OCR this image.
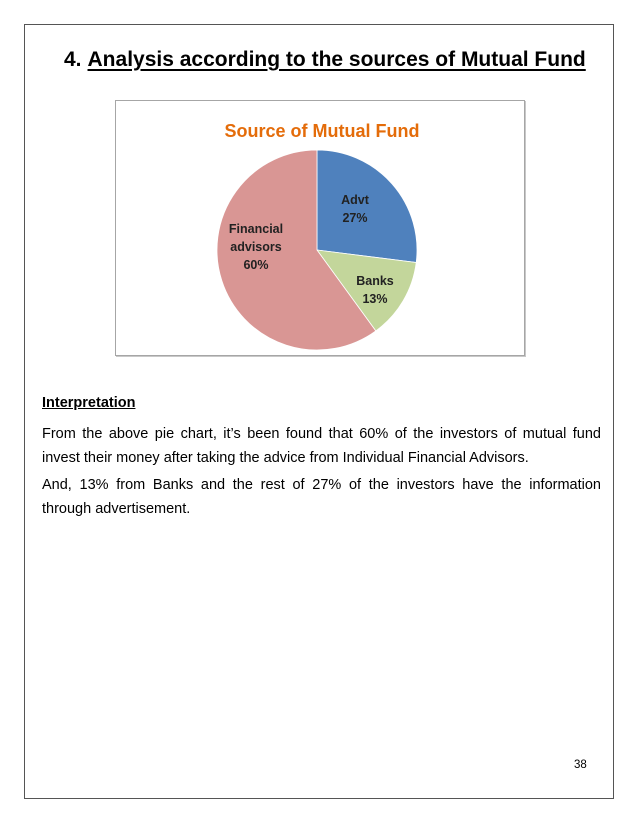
4. Analysis according to the sources of Mutual Fund
Source of Mutual Fund
Advt 27%
Banks 13%
Financial advisors 60%
Interpretation
From the above pie chart, it’s been found that 60% of the investors of mutual fund invest their money after taking the advice from Individual Financial Advisors.
And, 13% from Banks and the rest of 27% of the investors have the information through advertisement.
38
